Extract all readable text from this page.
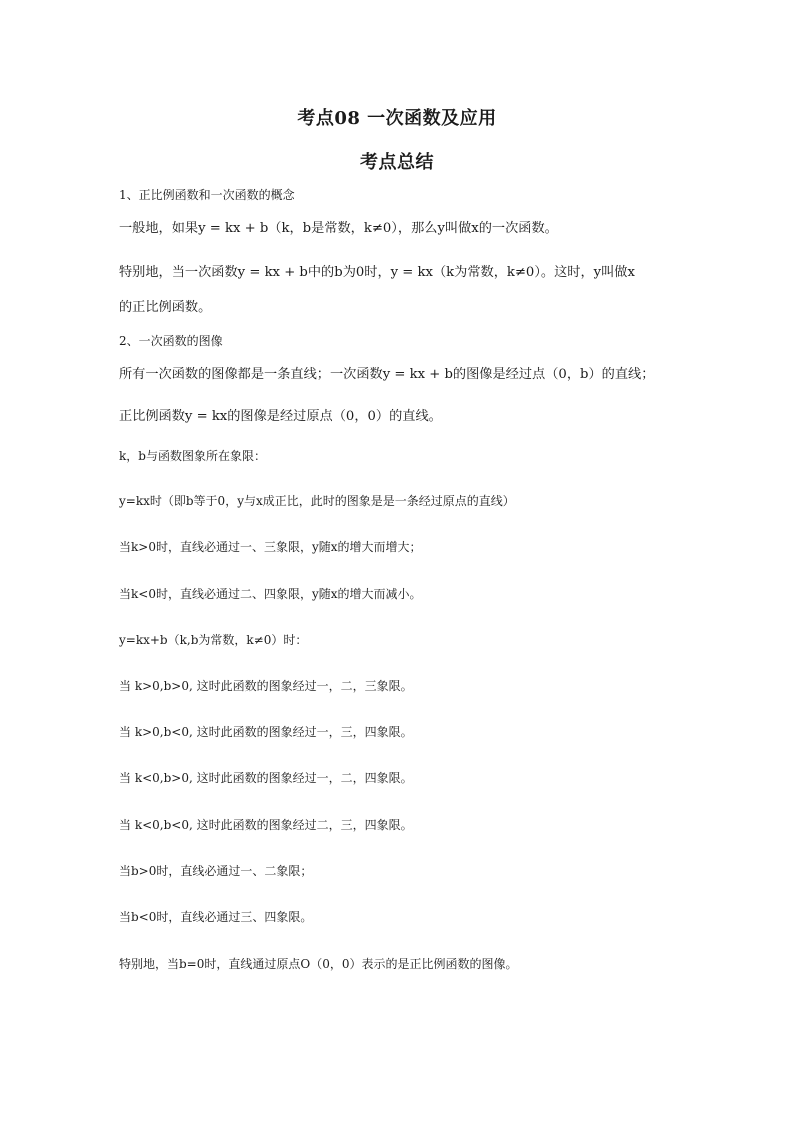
考点08 一次函数及应用
考点总结
1、正比例函数和一次函数的概念
一般地，如果y = kx + b（k，b是常数，k≠0），那么y叫做x的一次函数。
特别地，当一次函数y = kx + b中的b为0时，y = kx（k为常数，k≠0）。这时，y叫做x
的正比例函数。
2、一次函数的图像
所有一次函数的图像都是一条直线；一次函数y = kx + b的图像是经过点（0，b）的直线；
正比例函数y = kx的图像是经过原点（0，0）的直线。
k，b与函数图象所在象限：
y=kx时（即b等于0，y与x成正比，此时的图象是是一条经过原点的直线）
当k>0时，直线必通过一、三象限，y随x的增大而增大；
当k<0时，直线必通过二、四象限，y随x的增大而减小。
y=kx+b（k,b为常数，k≠0）时：
当 k>0,b>0, 这时此函数的图象经过一，二，三象限。
当 k>0,b<0, 这时此函数的图象经过一，三，四象限。
当 k<0,b>0, 这时此函数的图象经过一，二，四象限。
当 k<0,b<0, 这时此函数的图象经过二，三，四象限。
当b>0时，直线必通过一、二象限；
当b<0时，直线必通过三、四象限。
特别地，当b=0时，直线通过原点O（0，0）表示的是正比例函数的图像。
